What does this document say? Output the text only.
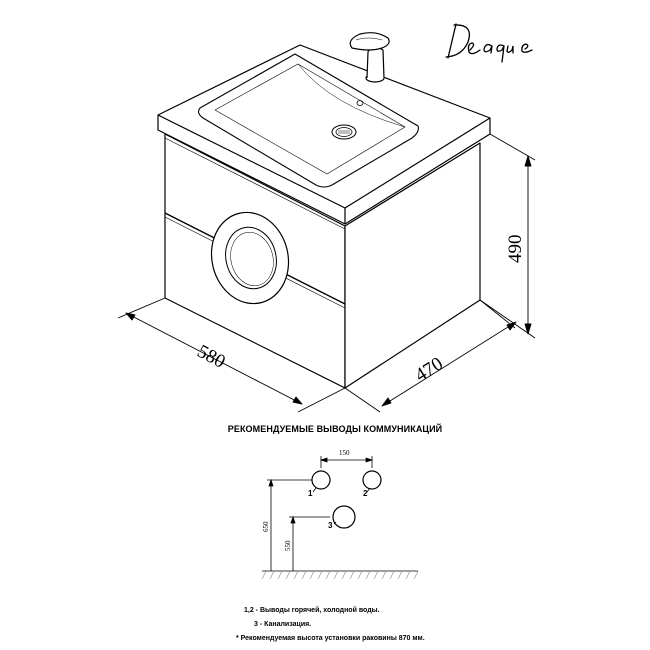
580	470
490
150
650
550
1	2
3
De Aqua
РЕКОМЕНДУЕМЫЕ ВЫВОДЫ КОММУНИКАЦИЙ
1,2 - Выводы горячей, холодной воды.
3 - Канализация.
* Рекомендуемая высота установки раковины 870 мм.
